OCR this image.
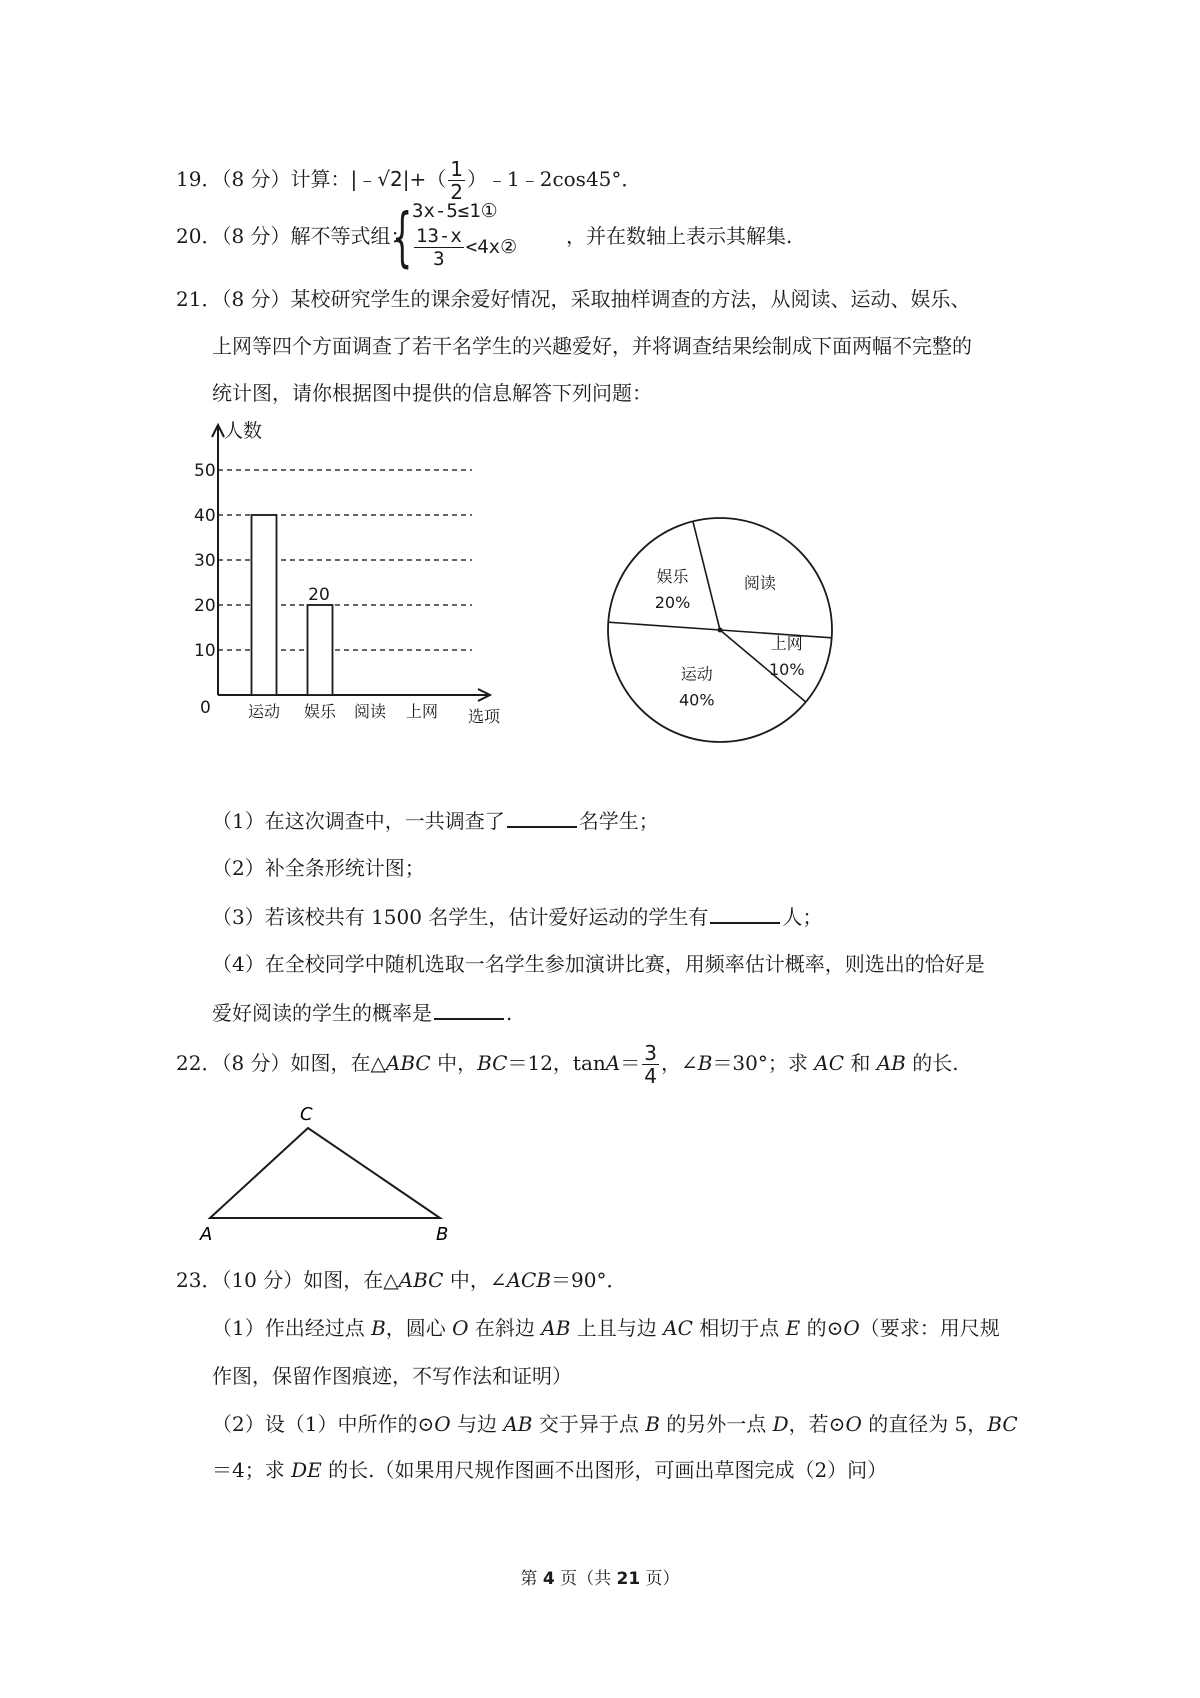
19．（8 分）计算：|﹣√2|+（ $\frac{1}{2}$ ）﹣1﹣2cos45°．
20．（8 分）解不等式组：
{ 3x-5≤1①
$\frac{13-x}{3}$ <4x② ，并在数轴上表示其解集.
21．（8 分）某校研究学生的课余爱好情况，采取抽样调查的方法，从阅读、运动、娱乐、
上网等四个方面调查了若干名学生的兴趣爱好，并将调查结果绘制成下面两幅不完整的
统计图，请你根据图中提供的信息解答下列问题：
10
20
30
40
50
人数
0	选项
运动 娱乐
20
阅读 上网
阅读
上网
10%
运动
40%
娱乐
20%
（1）在这次调查中，一共调查了	名学生；
（2）补全条形统计图；
（3）若该校共有 1500 名学生，估计爱好运动的学生有	人；
（4）在全校同学中随机选取一名学生参加演讲比赛，用频率估计概率，则选出的恰好是
爱好阅读的学生的概率是	.
22．（8 分）如图，在△ABC 中，BC＝12，$\tan A= \frac{3}{4}$ ，∠B＝30°；求 AC 和 AB 的长.
A	B
C
23．（10 分）如图，在△ABC 中，∠ACB＝90°．
（1）作出经过点 B，圆心 O 在斜边 AB 上且与边 AC 相切于点 E 的⊙O（要求：用尺规
作图，保留作图痕迹，不写作法和证明）
（2）设（1）中所作的⊙O 与边 AB 交于异于点 B 的另外一点 D，若⊙O 的直径为 5，BC
＝4；求 DE 的长.（如果用尺规作图画不出图形，可画出草图完成（2）问）
第 4 页（共 21 页）
